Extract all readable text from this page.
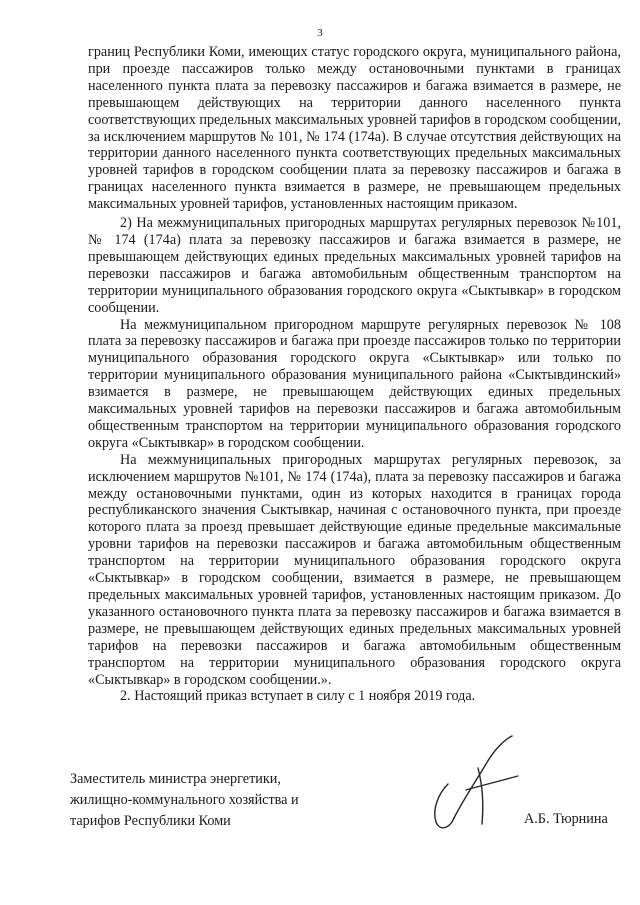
3

границ Республики Коми, имеющих статус городского округа, муниципального района, при проезде пассажиров только между остановочными пунктами в границах населенного пункта плата за перевозку пассажиров и багажа взимается в размере, не превышающем действующих на территории данного населенного пункта соответствующих предельных максимальных уровней тарифов в городском сообщении, за исключением маршрутов № 101, № 174 (174а). В случае отсутствия действующих на территории данного населенного пункта соответствующих предельных максимальных уровней тарифов в городском сообщении плата за перевозку пассажиров и багажа в границах населенного пункта взимается в размере, не превышающем предельных максимальных уровней тарифов, установленных настоящим приказом.

2) На межмуниципальных пригородных маршрутах регулярных перевозок №101, № 174 (174а) плата за перевозку пассажиров и багажа взимается в размере, не превышающем действующих единых предельных максимальных уровней тарифов на перевозки пассажиров и багажа автомобильным общественным транспортом на территории муниципального образования городского округа «Сыктывкар» в городском сообщении.

На межмуниципальном пригородном маршруте регулярных перевозок № 108 плата за перевозку пассажиров и багажа при проезде пассажиров только по территории муниципального образования городского округа «Сыктывкар» или только по территории муниципального образования муниципального района «Сыктывдинский» взимается в размере, не превышающем действующих единых предельных максимальных уровней тарифов на перевозки пассажиров и багажа автомобильным общественным транспортом на территории муниципального образования городского округа «Сыктывкар» в городском сообщении.

На межмуниципальных пригородных маршрутах регулярных перевозок, за исключением маршрутов №101, № 174 (174а), плата за перевозку пассажиров и багажа между остановочными пунктами, один из которых находится в границах города республиканского значения Сыктывкар, начиная с остановочного пункта, при проезде которого плата за проезд превышает действующие единые предельные максимальные уровни тарифов на перевозки пассажиров и багажа автомобильным общественным транспортом на территории муниципального образования городского округа «Сыктывкар» в городском сообщении, взимается в размере, не превышающем предельных максимальных уровней тарифов, установленных настоящим приказом. До указанного остановочного пункта плата за перевозку пассажиров и багажа взимается в размере, не превышающем действующих единых предельных максимальных уровней тарифов на перевозки пассажиров и багажа автомобильным общественным транспортом на территории муниципального образования городского округа «Сыктывкар» в городском сообщении.».

2. Настоящий приказ вступает в силу с 1 ноября 2019 года.

Заместитель министра энергетики,
жилищно-коммунального хозяйства и
тарифов Республики Коми	А.Б. Тюрнина
